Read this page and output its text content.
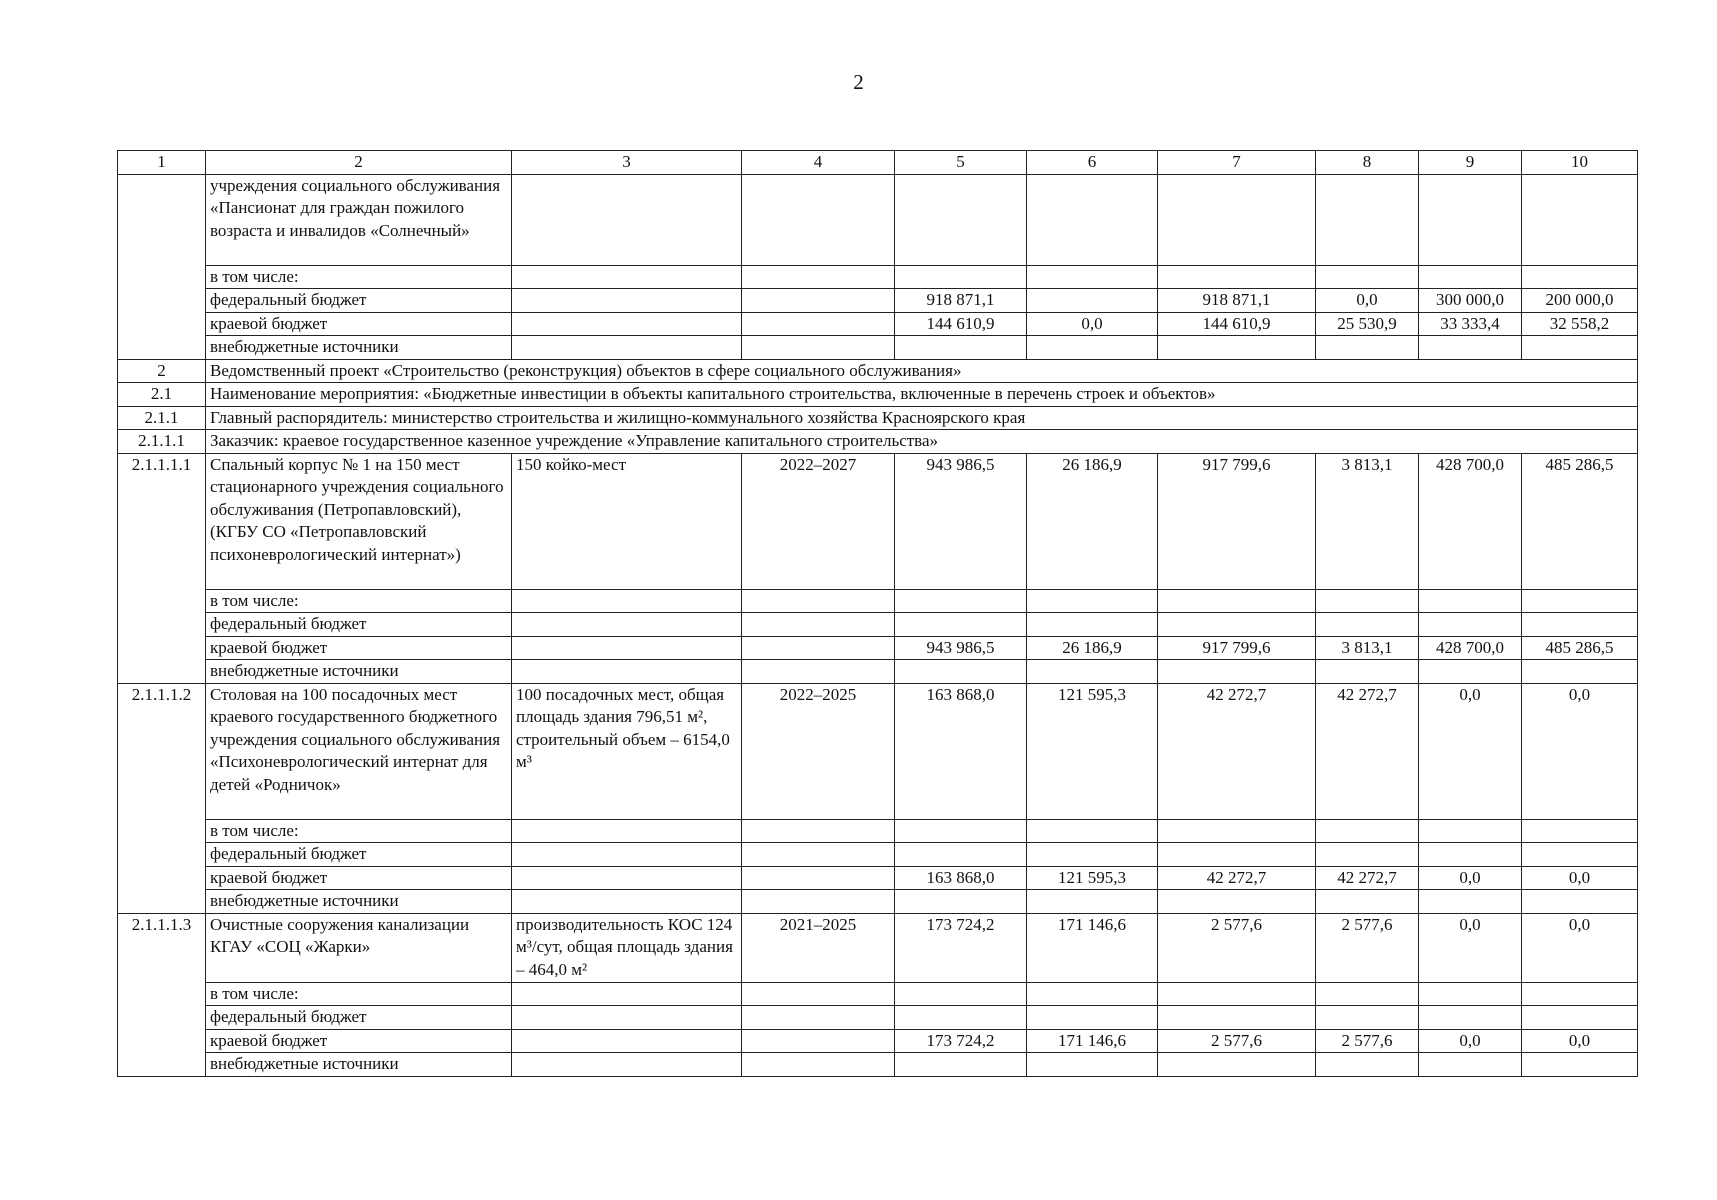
2
1	2	3	4	5	6	7	8	9	10
	учреждения социального обслуживания «Пансионат для граждан пожилого возраста и инвалидов «Солнечный»								
	в том числе:								
	федеральный бюджет			918 871,1		918 871,1	0,0	300 000,0	200 000,0
	краевой бюджет			144 610,9	0,0	144 610,9	25 530,9	33 333,4	32 558,2
	внебюджетные источники								
2	Ведомственный проект «Строительство (реконструкция) объектов в сфере социального обслуживания»								
2.1	Наименование мероприятия: «Бюджетные инвестиции в объекты капитального строительства, включенные в перечень строек и объектов»								
2.1.1	Главный распорядитель: министерство строительства и жилищно-коммунального хозяйства Красноярского края								
2.1.1.1	Заказчик: краевое государственное казенное учреждение «Управление капитального строительства»								
2.1.1.1.1	Спальный корпус № 1 на 150 мест стационарного учреждения социального обслуживания (Петропавловский), (КГБУ СО «Петропавловский психоневрологический интернат»)	150 койко-мест	2022–2027	943 986,5	26 186,9	917 799,6	3 813,1	428 700,0	485 286,5
	в том числе:								
	федеральный бюджет								
	краевой бюджет			943 986,5	26 186,9	917 799,6	3 813,1	428 700,0	485 286,5
	внебюджетные источники								
2.1.1.1.2	Столовая на 100 посадочных мест краевого государственного бюджетного учреждения социального обслуживания «Психоневрологический интернат для детей «Родничок»	100 посадочных мест, общая площадь здания 796,51 м², строительный объем – 6154,0 м³	2022–2025	163 868,0	121 595,3	42 272,7	42 272,7	0,0	0,0
	в том числе:								
	федеральный бюджет								
	краевой бюджет			163 868,0	121 595,3	42 272,7	42 272,7	0,0	0,0
	внебюджетные источники								
2.1.1.1.3	Очистные сооружения канализации КГАУ «СОЦ «Жарки»	производительность КОС 124 м³/сут, общая площадь здания – 464,0 м²	2021–2025	173 724,2	171 146,6	2 577,6	2 577,6	0,0	0,0
	в том числе:								
	федеральный бюджет								
	краевой бюджет			173 724,2	171 146,6	2 577,6	2 577,6	0,0	0,0
	внебюджетные источники								
